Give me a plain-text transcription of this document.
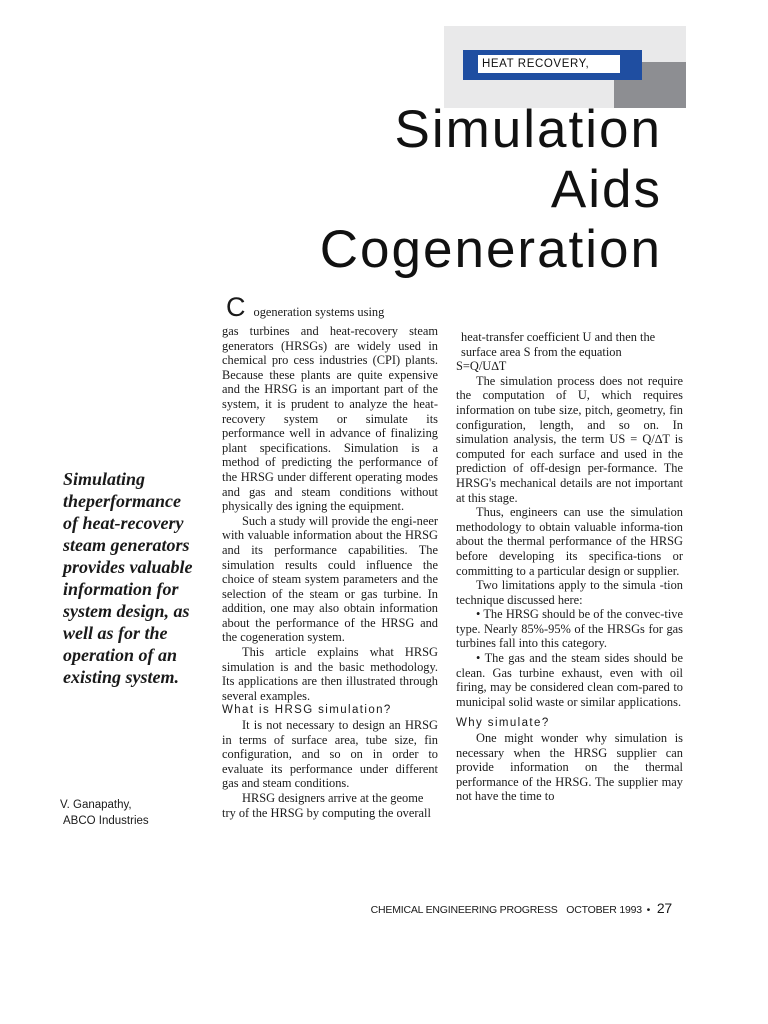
HEAT RECOVERY,
Simulation
Aids
Cogeneration
Simulating
theperformance
of heat-recovery
steam generators
provides valuable
information for
system design, as
well as for the
operation of an
existing system.
V. Ganapathy,
ABCO Industries
Cogeneration systems using

gas turbines and heat-recovery steam generators (HRSGs) are widely used in chemical pro cess industries (CPI) plants. Because these plants are quite expensive and the HRSG is an important part of the system, it is prudent to analyze the heat-recovery system or simulate its performance well in advance of finalizing plant specifications. Simulation is a method of predicting the performance of the HRSG under different operating modes and gas and steam conditions without physically des igning the equipment.

Such a study will provide the engi-neer with valuable information about the HRSG and its performance capabilities. The simulation results could influence the choice of steam system parameters and the selection of the steam or gas turbine. In addition, one may also obtain information about the performance of the HRSG and the cogeneration system.

This article explains what HRSG simulation is and the basic methodology. Its applications are then illustrated through several examples.

What is HRSG simulation?

It is not necessary to design an HRSG in terms of surface area, tube size, fin configuration, and so on in order to evaluate its performance under different gas and steam conditions.

HRSG designers arrive at the geome try of the HRSG by computing the overall

heat-transfer coefficient U and then the surface area S from the equation

S=Q/U∆T

The simulation process does not require the computation of U, which requires information on tube size, pitch, geometry, fin configuration, length, and so on. In simulation analysis, the term US = Q/∆T is computed for each surface and used in the prediction of off-design per-formance. The HRSG's mechanical details are not important at this stage.

Thus, engineers can use the simulation methodology to obtain valuable informa-tion about the thermal performance of the HRSG before developing its specifica-tions or committing to a particular design or supplier.

Two limitations apply to the simula -tion technique discussed here:

• The HRSG should be of the convec-tive type. Nearly 85%-95% of the HRSGs for gas turbines fall into this category.

• The gas and the steam sides should be clean. Gas turbine exhaust, even with oil firing, may be considered clean com-pared to municipal solid waste or similar applications.

Why simulate?

One might wonder why simulation is necessary when the HRSG supplier can provide information on the thermal performance of the HRSG. The supplier may not have the time to

CHEMICAL ENGINEERING PROGRESS OCTOBER 1993 • 27
